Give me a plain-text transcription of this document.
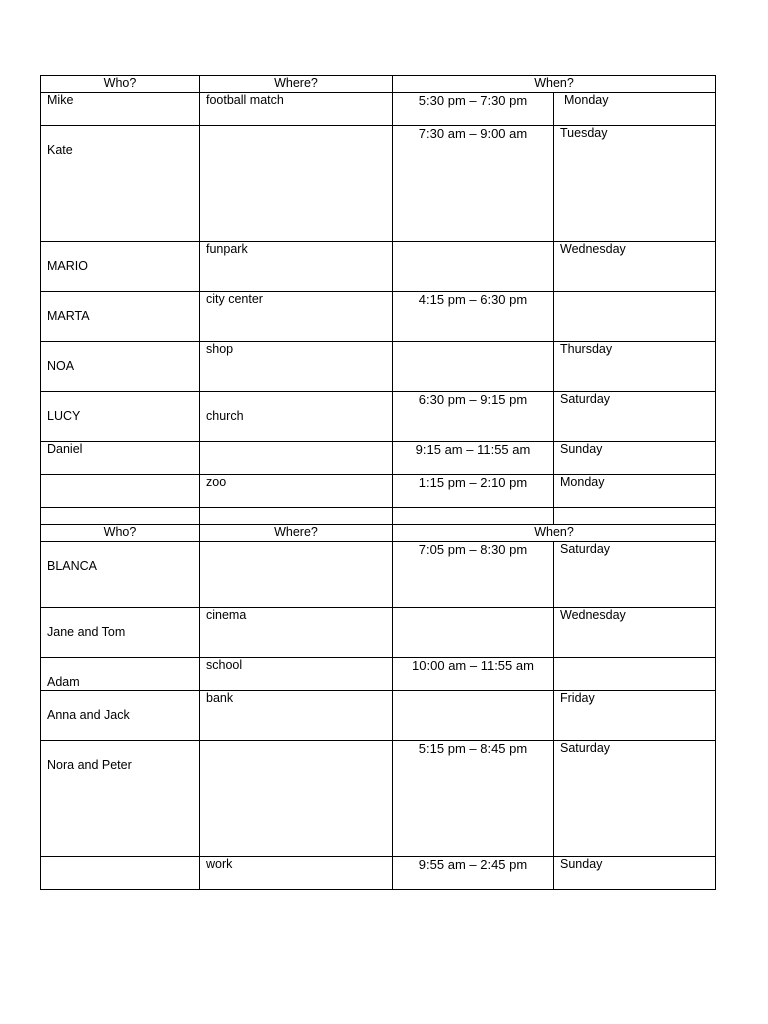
Who?	Where?	When?	
Mike	football match	5:30 pm – 7:30 pm	Monday
Kate		7:30 am – 9:00 am	Tuesday
MARIO	funpark		Wednesday
MARTA	city center	4:15 pm – 6:30 pm	
NOA	shop		Thursday
LUCY	church	6:30 pm – 9:15 pm	Saturday
Daniel		9:15 am – 11:55 am	Sunday
	zoo	1:15 pm – 2:10 pm	Monday

Who?	Where?	When?	
BLANCA		7:05 pm – 8:30 pm	Saturday
Jane and Tom	cinema		Wednesday
Adam	school	10:00 am – 11:55 am	
Anna and Jack	bank		Friday
Nora and Peter		5:15 pm – 8:45 pm	Saturday
	work	9:55 am – 2:45 pm	Sunday
